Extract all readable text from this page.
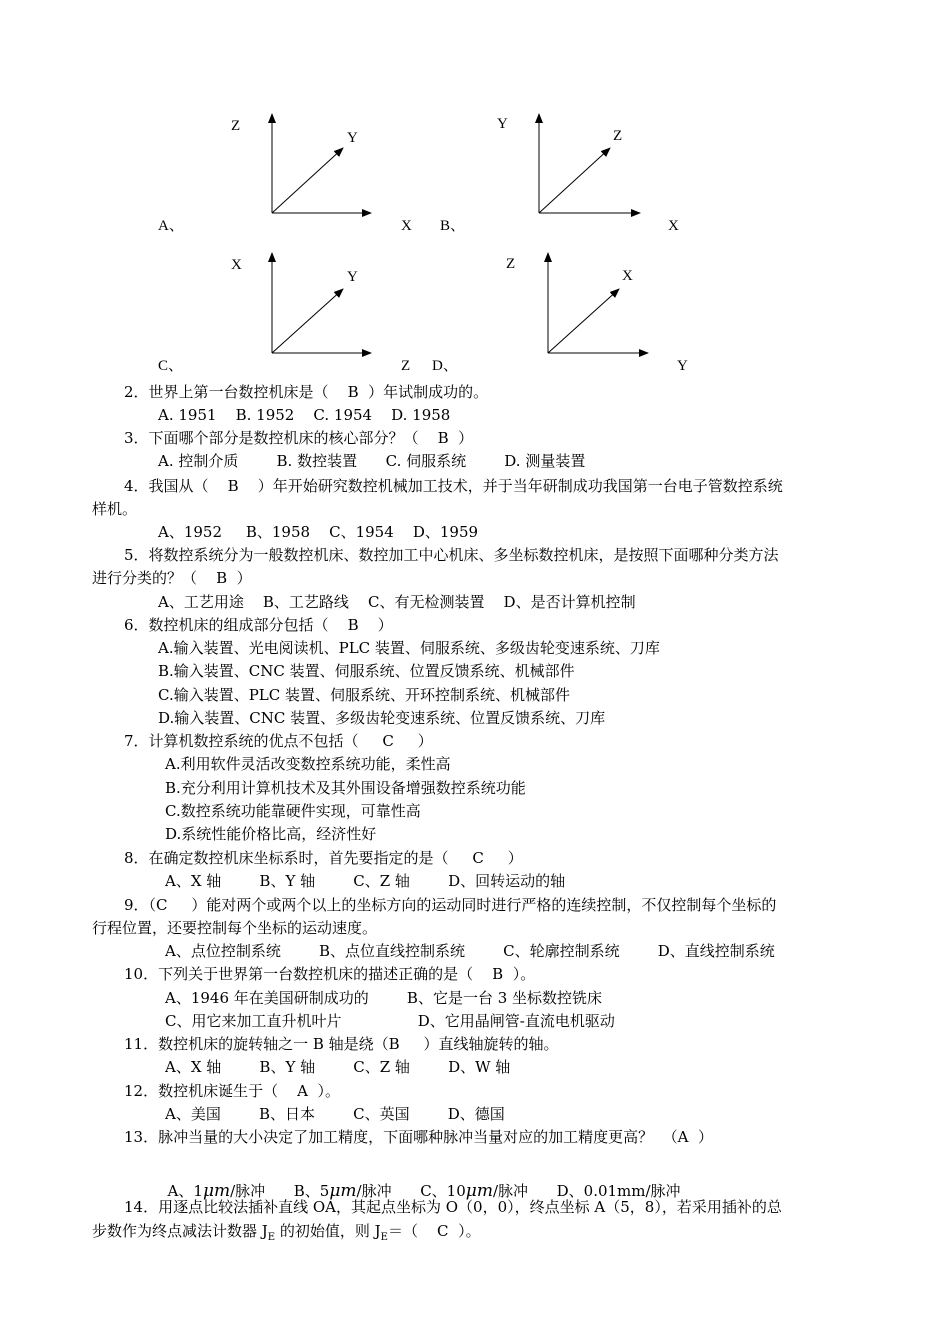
Z
Y
X
A、
Y
Z
X
B、
X
Y
Z
C、
Z
X
Y
D、
2．世界上第一台数控机床是（    B  ）年试制成功的。
A. 1951    B. 1952    C. 1954    D. 1958
3．下面哪个部分是数控机床的核心部分？（    B  ）
A. 控制介质        B. 数控装置      C. 伺服系统        D. 测量装置
4．我国从（    B    ）年开始研究数控机械加工技术，并于当年研制成功我国第一台电子管数控系统
样机。
A、1952     B、1958    C、1954    D、1959
5．将数控系统分为一般数控机床、数控加工中心机床、多坐标数控机床，是按照下面哪种分类方法
进行分类的？（    B  ）
A、工艺用途    B、工艺路线    C、有无检测装置    D、是否计算机控制
6．数控机床的组成部分包括（    B    ）
A.输入装置、光电阅读机、PLC 装置、伺服系统、多级齿轮变速系统、刀库
B.输入装置、CNC 装置、伺服系统、位置反馈系统、机械部件
C.输入装置、PLC 装置、伺服系统、开环控制系统、机械部件
D.输入装置、CNC 装置、多级齿轮变速系统、位置反馈系统、刀库
7．计算机数控系统的优点不包括（     C     ）
A.利用软件灵活改变数控系统功能，柔性高
B.充分利用计算机技术及其外围设备增强数控系统功能
C.数控系统功能靠硬件实现，可靠性高
D.系统性能价格比高，经济性好
8．在确定数控机床坐标系时，首先要指定的是（     C     ）
A、X 轴        B、Y 轴        C、Z 轴        D、回转运动的轴
9．（C     ）能对两个或两个以上的坐标方向的运动同时进行严格的连续控制，不仅控制每个坐标的
行程位置，还要控制每个坐标的运动速度。
A、点位控制系统        B、点位直线控制系统        C、轮廓控制系统        D、直线控制系统
10．下列关于世界第一台数控机床的描述正确的是（    B  ）。
A、1946 年在美国研制成功的        B、它是一台 3 坐标数控铣床
C、用它来加工直升机叶片                D、它用晶闸管-直流电机驱动
11．数控机床的旋转轴之一 B 轴是绕（B     ）直线轴旋转的轴。
A、X 轴        B、Y 轴        C、Z 轴        D、W 轴
12．数控机床诞生于（    A  ）。
A、美国        B、日本        C、英国        D、德国
13．脉冲当量的大小决定了加工精度，下面哪种脉冲当量对应的加工精度更高？  （A  ）

A、1μm/脉冲 B、5μm/脉冲 C、10μm/脉冲 D、0.01mm/脉冲

14．用逐点比较法插补直线 OA，其起点坐标为 O（0，0），终点坐标 A（5，8），若采用插补的总
步数作为终点减法计数器 $J_E$ 的初始值，则 $J_E=$（    C  ）。
